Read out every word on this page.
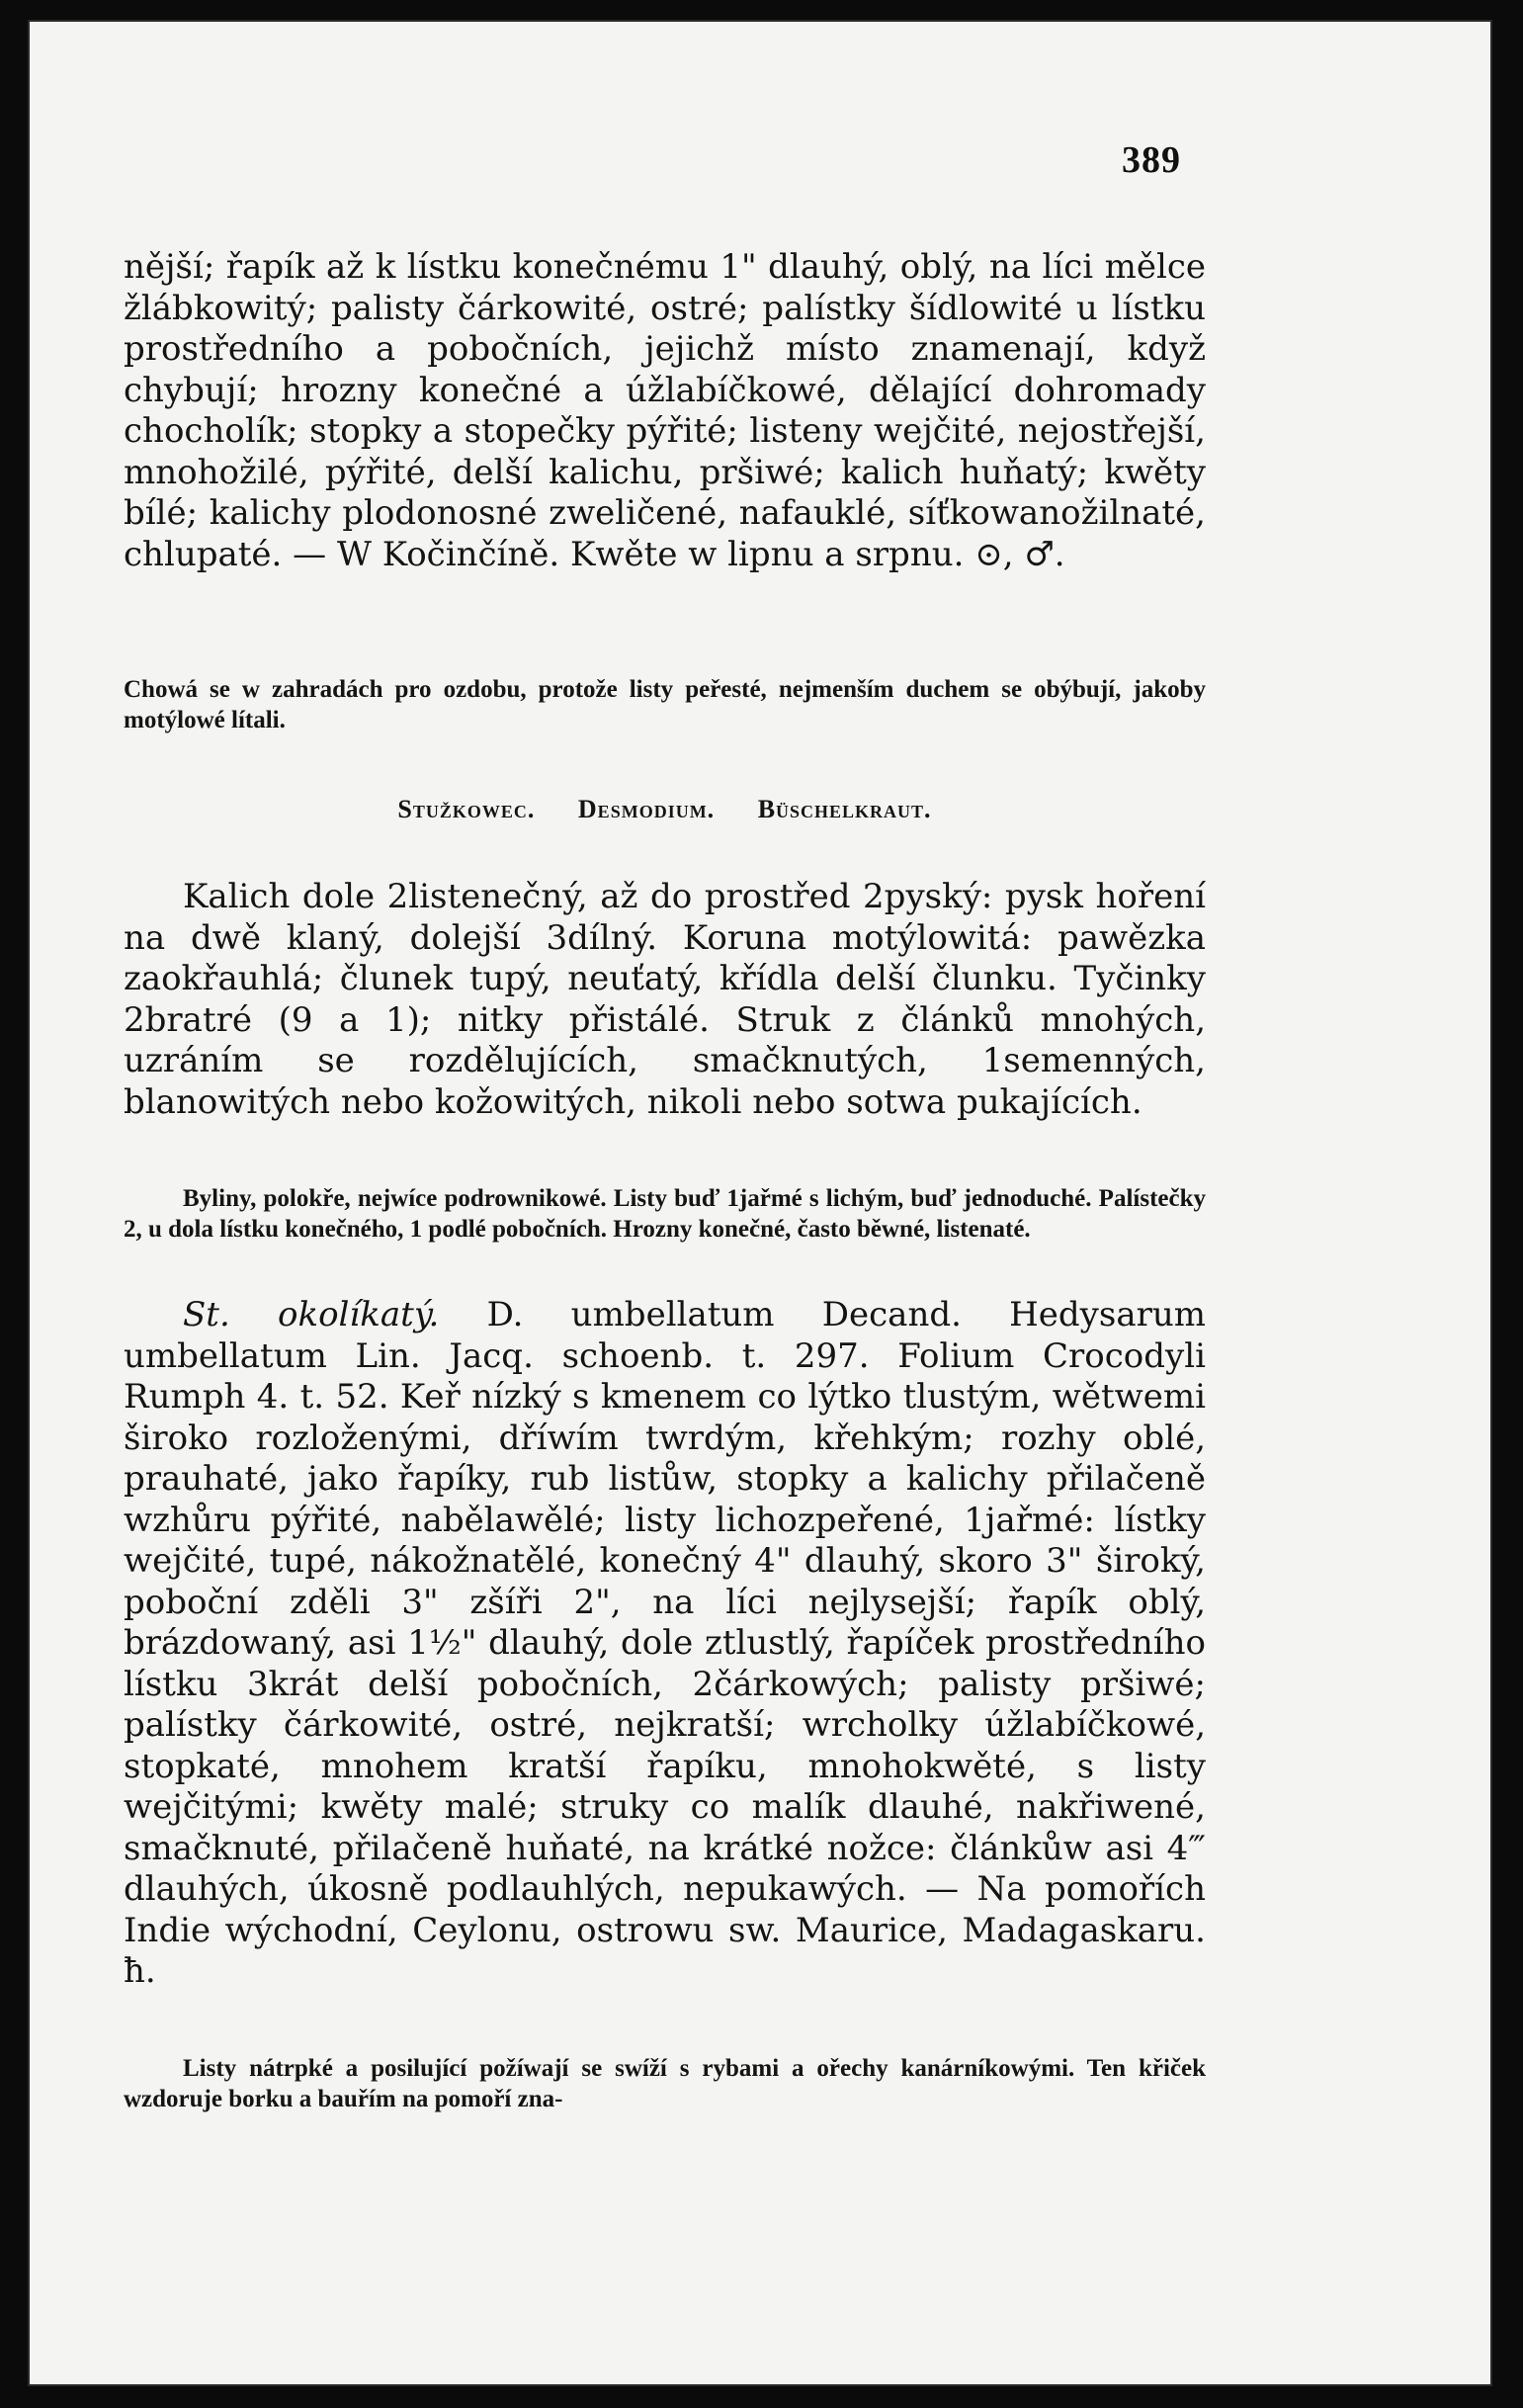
389

nější; řapík až k lístku konečnému 1" dlauhý, oblý, na líci mělce žlábkowitý; palisty čárkowité, ostré; palístky šídlowité u lístku prostředního a pobočních, jejichž místo znamenají, když chybují; hrozny konečné a úžlabíčkowé, dělající dohromady chocholík; stopky a stopečky pýřité; listeny wejčité, nejostřejší, mnohožilé, pýřité, delší kalichu, pršiwé; kalich huňatý; kwěty bílé; kalichy plodonosné zweličené, nafauklé, síťkowanožilnaté, chlupaté. — W Kočinčíně. Kwěte w lipnu a srpnu. ⊙, ♂.

Chowá se w zahradách pro ozdobu, protože listy peřesté, nejmenším duchem se obýbují, jakoby motýlowé lítali.

Stužkowec. Desmodium. Büschelkraut.

Kalich dole 2listenečný, až do prostřed 2pyský: pysk hoření na dwě klaný, dolejší 3dílný. Koruna motýlowitá: pawězka zaokřauhlá; člunek tupý, neuťatý, křídla delší člunku. Tyčinky 2bratré (9 a 1); nitky přistálé. Struk z článků mnohých, uzráním se rozdělujících, smačknutých, 1semenných, blanowitých nebo kožowitých, nikoli nebo sotwa pukajících.

Byliny, polokře, nejwíce podrownikowé. Listy buď 1jařmé s lichým, buď jednoduché. Palístečky 2, u dola lístku konečného, 1 podlé pobočních. Hrozny konečné, často běwné, listenaté.

St. okolíkatý. D. umbellatum Decand. Hedysarum umbellatum Lin. Jacq. schoenb. t. 297. Folium Crocodyli Rumph 4. t. 52. Keř nízký s kmenem co lýtko tlustým, wětwemi široko rozloženými, dříwím twrdým, křehkým; rozhy oblé, prauhaté, jako řapíky, rub listůw, stopky a kalichy přilačeně wzhůru pýřité, nabělawělé; listy lichozpeřené, 1jařmé: lístky wejčité, tupé, nákožnatělé, konečný 4" dlauhý, skoro 3" široký, poboční zděli 3" zšíři 2", na líci nejlysejší; řapík oblý, brázdowaný, asi 1½" dlauhý, dole ztlustlý, řapíček prostředního lístku 3krát delší pobočních, 2čárkowých; palisty pršiwé; palístky čárkowité, ostré, nejkratší; wrcholky úžlabíčkowé, stopkaté, mnohem kratší řapíku, mnohokwěté, s listy wejčitými; kwěty malé; struky co malík dlauhé, nakřiwené, smačknuté, přilačeně huňaté, na krátké nožce: článkůw asi 4‴ dlauhých, úkosně podlauhlých, nepukawých. — Na pomořích Indie wýchodní, Ceylonu, ostrowu sw. Maurice, Madagaskaru. ħ.

Listy nátrpké a posilující požíwají se swíží s rybami a ořechy kanárníkowými. Ten křiček wzdoruje borku a bauřím na pomoří zna-
